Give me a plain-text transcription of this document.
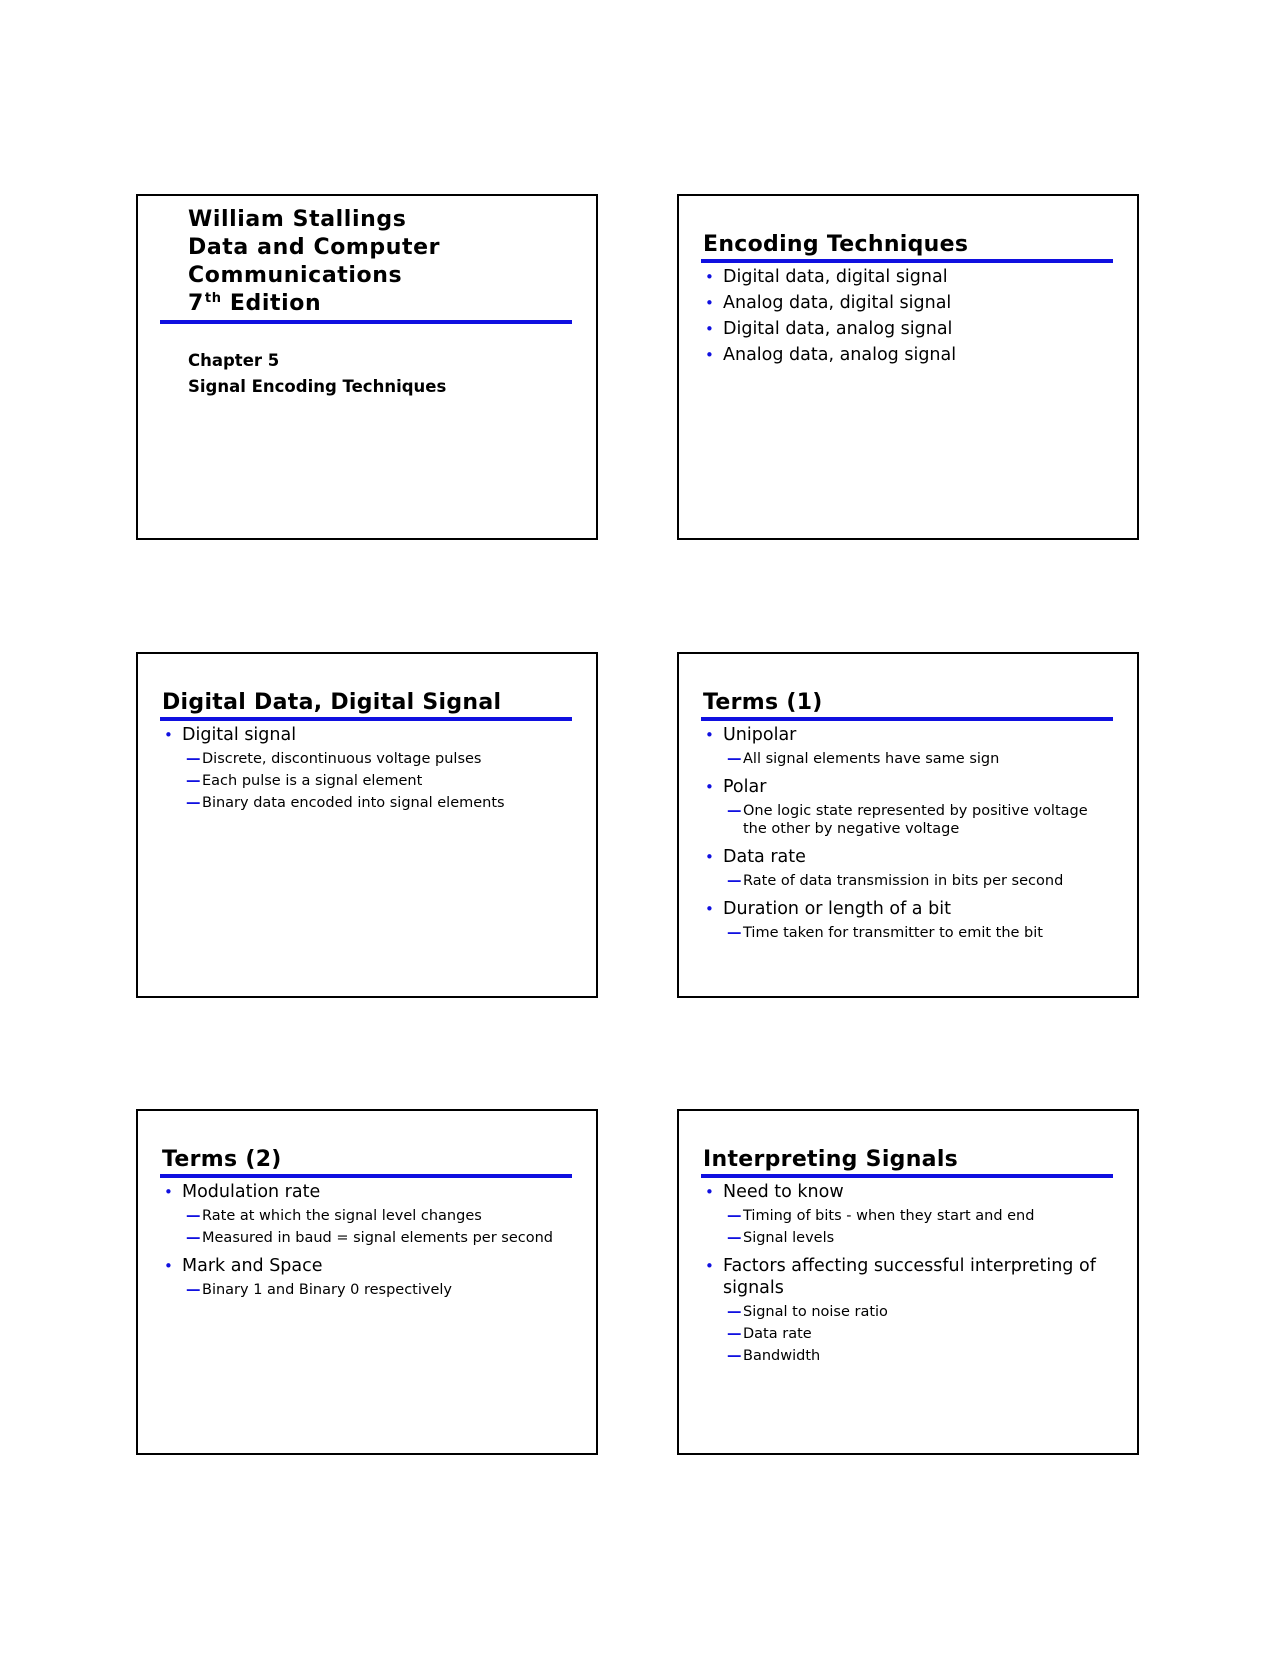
William Stallings
Data and Computer
Communications
7th Edition
Chapter 5
Signal Encoding Techniques
Encoding Techniques
• Digital data, digital signal
• Analog data, digital signal
• Digital data, analog signal
• Analog data, analog signal
Digital Data, Digital Signal
• Digital signal
— Discrete, discontinuous voltage pulses
— Each pulse is a signal element
— Binary data encoded into signal elements
Terms (1)
• Unipolar
— All signal elements have same sign
• Polar
— One logic state represented by positive voltage the other by negative voltage
• Data rate
— Rate of data transmission in bits per second
• Duration or length of a bit
— Time taken for transmitter to emit the bit
Terms (2)
• Modulation rate
— Rate at which the signal level changes
— Measured in baud = signal elements per second
• Mark and Space
— Binary 1 and Binary 0 respectively
Interpreting Signals
• Need to know
— Timing of bits - when they start and end
— Signal levels
• Factors affecting successful interpreting of signals
— Signal to noise ratio
— Data rate
— Bandwidth
